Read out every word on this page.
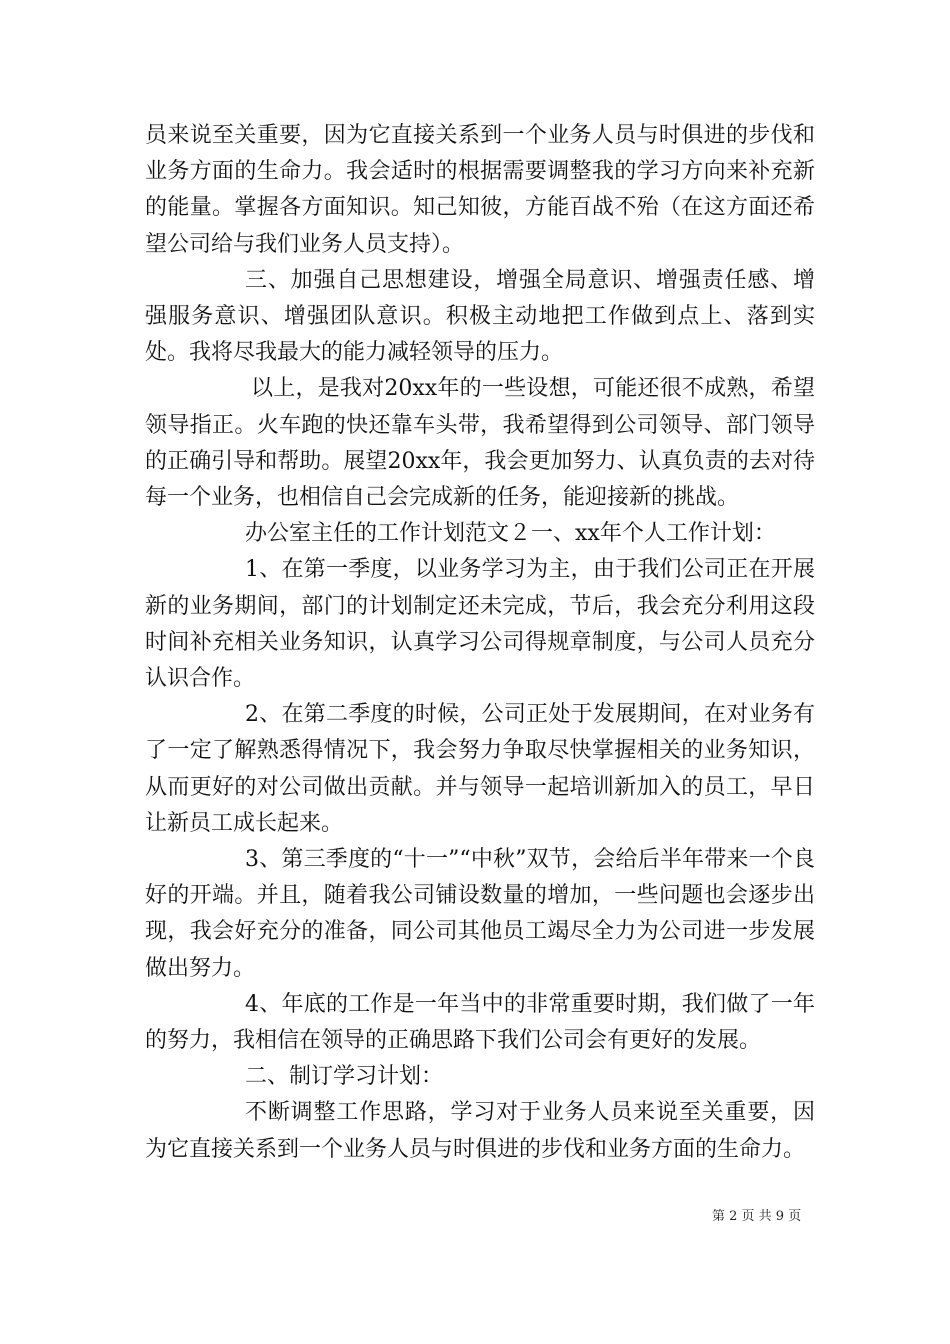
员来说至关重要，因为它直接关系到一个业务人员与时俱进的步伐和业务方面的生命力。我会适时的根据需要调整我的学习方向来补充新的能量。掌握各方面知识。知己知彼，方能百战不殆（在这方面还希望公司给与我们业务人员支持）。

三、加强自己思想建设，增强全局意识、增强责任感、增强服务意识、增强团队意识。积极主动地把工作做到点上、落到实处。我将尽我最大的能力减轻领导的压力。

以上，是我对20xx年的一些设想，可能还很不成熟，希望领导指正。火车跑的快还靠车头带，我希望得到公司领导、部门领导的正确引导和帮助。展望20xx年，我会更加努力、认真负责的去对待每一个业务，也相信自己会完成新的任务，能迎接新的挑战。

办公室主任的工作计划范文２一、xx年个人工作计划：

1、在第一季度，以业务学习为主，由于我们公司正在开展新的业务期间，部门的计划制定还未完成，节后，我会充分利用这段时间补充相关业务知识，认真学习公司得规章制度，与公司人员充分认识合作。

2、在第二季度的时候，公司正处于发展期间，在对业务有了一定了解熟悉得情况下，我会努力争取尽快掌握相关的业务知识，从而更好的对公司做出贡献。并与领导一起培训新加入的员工，早日让新员工成长起来。

3、第三季度的“十一”“中秋”双节，会给后半年带来一个良好的开端。并且，随着我公司铺设数量的增加，一些问题也会逐步出现，我会好充分的准备，同公司其他员工竭尽全力为公司进一步发展做出努力。

4、年底的工作是一年当中的非常重要时期，我们做了一年的努力，我相信在领导的正确思路下我们公司会有更好的发展。

二、制订学习计划：

不断调整工作思路，学习对于业务人员来说至关重要，因为它直接关系到一个业务人员与时俱进的步伐和业务方面的生命力。

第 2 页 共 9 页
